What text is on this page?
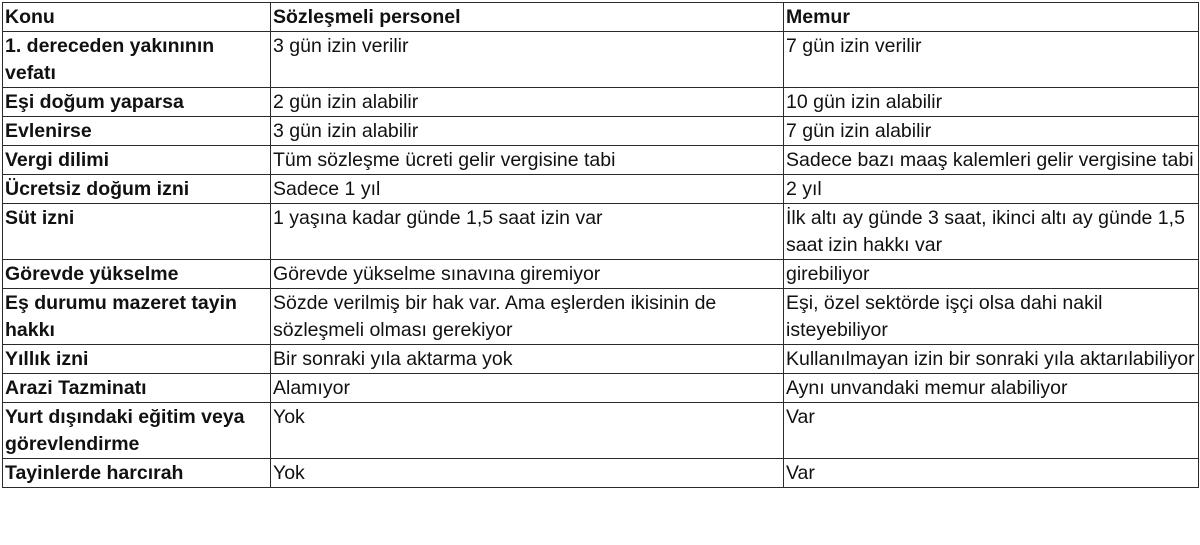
Konu	Sözleşmeli personel	Memur
1. dereceden yakınının vefatı	3 gün izin verilir	7 gün izin verilir
Eşi doğum yaparsa	2 gün izin alabilir	10 gün izin alabilir
Evlenirse	3 gün izin alabilir	7 gün izin alabilir
Vergi dilimi	Tüm sözleşme ücreti gelir vergisine tabi	Sadece bazı maaş kalemleri gelir vergisine tabi
Ücretsiz doğum izni	Sadece 1 yıl	2 yıl
Süt izni	1 yaşına kadar günde 1,5 saat izin var	İlk altı ay günde 3 saat, ikinci altı ay günde 1,5 saat izin hakkı var
Görevde yükselme	Görevde yükselme sınavına giremiyor	girebiliyor
Eş durumu mazeret tayin hakkı	Sözde verilmiş bir hak var. Ama eşlerden ikisinin de sözleşmeli olması gerekiyor	Eşi, özel sektörde işçi olsa dahi nakil isteyebiliyor
Yıllık izni	Bir sonraki yıla aktarma yok	Kullanılmayan izin bir sonraki yıla aktarılabiliyor
Arazi Tazminatı	Alamıyor	Aynı unvandaki memur alabiliyor
Yurt dışındaki eğitim veya görevlendirme	Yok	Var
Tayinlerde harcırah	Yok	Var
